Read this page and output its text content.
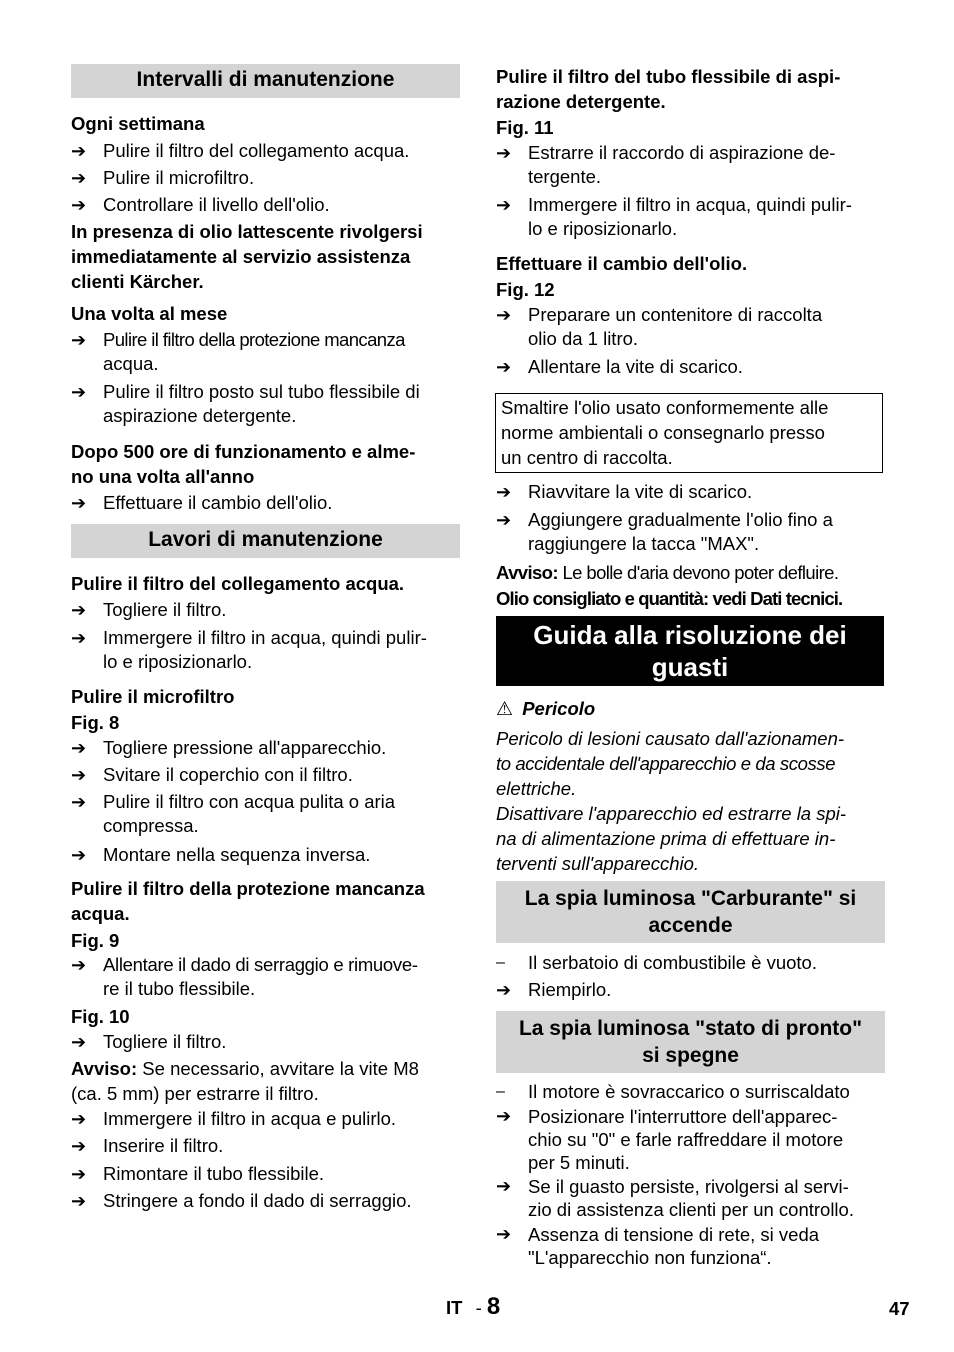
Intervalli di manutenzione
Ogni settimana
➔ Pulire il filtro del collegamento acqua.
➔ Pulire il microfiltro.
➔ Controllare il livello dell'olio.
In presenza di olio lattescente rivolgersi
immediatamente al servizio assistenza
clienti Kärcher.
Una volta al mese
➔ Pulire il filtro della protezione mancanza
acqua.
➔ Pulire il filtro posto sul tubo flessibile di
aspirazione detergente.
Dopo 500 ore di funzionamento e alme-
no una volta all'anno
➔ Effettuare il cambio dell'olio.
Lavori di manutenzione
Pulire il filtro del collegamento acqua.
➔ Togliere il filtro.
➔ Immergere il filtro in acqua, quindi pulir-
lo e riposizionarlo.
Pulire il microfiltro
Fig. 8
➔ Togliere pressione all'apparecchio.
➔ Svitare il coperchio con il filtro.
➔ Pulire il filtro con acqua pulita o aria
compressa.
➔ Montare nella sequenza inversa.
Pulire il filtro della protezione mancanza
acqua.
Fig. 9
➔ Allentare il dado di serraggio e rimuove-
re il tubo flessibile.
Fig. 10
➔ Togliere il filtro.
Avviso: Se necessario, avvitare la vite M8
(ca. 5 mm) per estrarre il filtro.
➔ Immergere il filtro in acqua e pulirlo.
➔ Inserire il filtro.
➔ Rimontare il tubo flessibile.
➔ Stringere a fondo il dado di serraggio.
Pulire il filtro del tubo flessibile di aspi-
razione detergente.
Fig. 11
➔ Estrarre il raccordo di aspirazione de-
tergente.
➔ Immergere il filtro in acqua, quindi pulir-
lo e riposizionarlo.
Effettuare il cambio dell'olio.
Fig. 12
➔ Preparare un contenitore di raccolta
olio da 1 litro.
➔ Allentare la vite di scarico.
Smaltire l'olio usato conformemente alle
norme ambientali o consegnarlo presso
un centro di raccolta.
➔ Riavvitare la vite di scarico.
➔ Aggiungere gradualmente l'olio fino a
raggiungere la tacca "MAX".
Avviso: Le bolle d'aria devono poter defluire.
Olio consigliato e quantità: vedi Dati tecnici.
Guida alla risoluzione dei
guasti
⚠ Pericolo
Pericolo di lesioni causato dall'azionamen-
to accidentale dell'apparecchio e da scosse
elettriche.
Disattivare l'apparecchio ed estrarre la spi-
na di alimentazione prima di effettuare in-
terventi sull'apparecchio.
La spia luminosa "Carburante" si
accende
–	Il serbatoio di combustibile è vuoto.
➔ Riempirlo.
La spia luminosa "stato di pronto"
si spegne
–	Il motore è sovraccarico o surriscaldato
➔ Posizionare l'interruttore dell'apparec-
chio su "0" e farle raffreddare il motore
per 5 minuti.
➔ Se il guasto persiste, rivolgersi al servi-
zio di assistenza clienti per un controllo.
➔ Assenza di tensione di rete, si veda
"L'apparecchio non funziona“.
IT - 8	47
